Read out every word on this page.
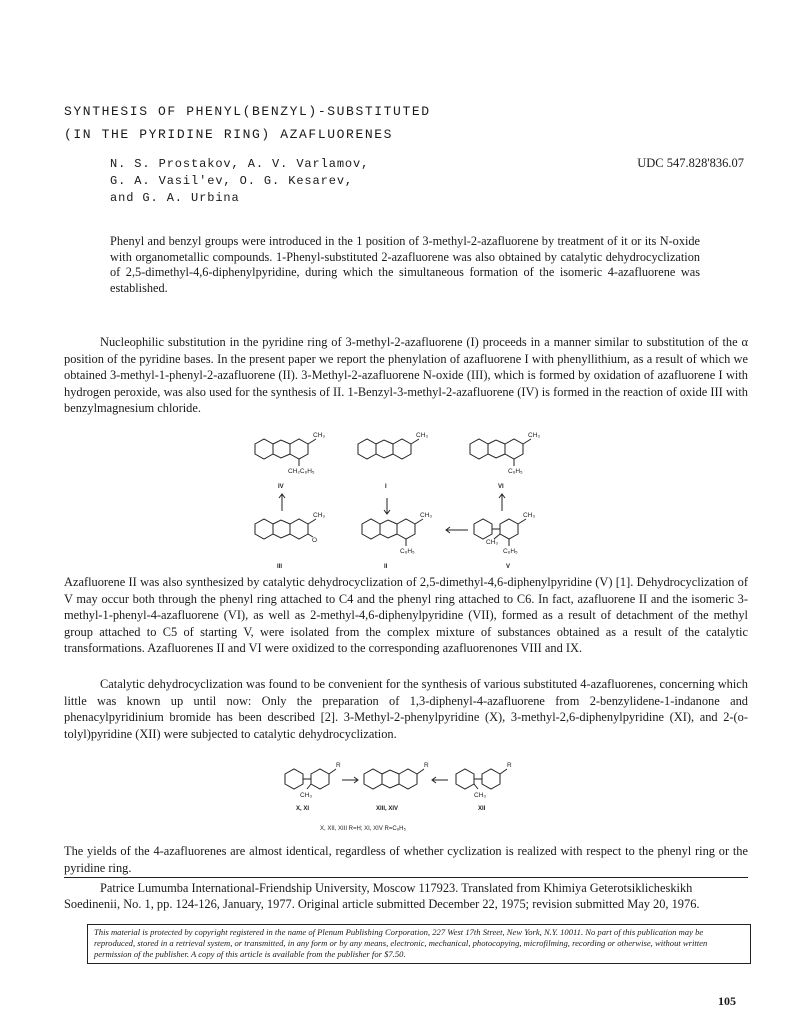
SYNTHESIS OF PHENYL(BENZYL)-SUBSTITUTED
(IN THE PYRIDINE RING) AZAFLUORENES
N. S. Prostakov, A. V. Varlamov,
G. A. Vasil'ev, O. G. Kesarev,
and G. A. Urbina
UDC 547.828'836.07
Phenyl and benzyl groups were introduced in the 1 position of 3-methyl-2-azafluorene by treatment of it or its N-oxide with organometallic compounds. 1-Phenyl-substituted 2-azafluorene was also obtained by catalytic dehydrocyclization of 2,5-dimethyl-4,6-diphenylpyridine, during which the simultaneous formation of the isomeric 4-azafluorene was established.
Nucleophilic substitution in the pyridine ring of 3-methyl-2-azafluorene (I) proceeds in a manner similar to substitution of the α position of the pyridine bases. In the present paper we report the phenylation of azafluorene I with phenyllithium, as a result of which we obtained 3-methyl-1-phenyl-2-azafluorene (II). 3-Methyl-2-azafluorene N-oxide (III), which is formed by oxidation of azafluorene I with hydrogen peroxide, was also used for the synthesis of II. 1-Benzyl-3-methyl-2-azafluorene (IV) is formed in the reaction of oxide III with benzylmagnesium chloride.
CH₃
CH₂C₆H₅
CH₃	CH₃
C₆H₅
CH₃
O
CH₃
C₆H₅
CH₃
CH₃
C₆H₅
IV	I	VI
III	II	V
Azafluorene II was also synthesized by catalytic dehydrocyclization of 2,5-dimethyl-4,6-diphenylpyridine (V) [1]. Dehydrocyclization of V may occur both through the phenyl ring attached to C4 and the phenyl ring attached to C6. In fact, azafluorene II and the isomeric 3-methyl-1-phenyl-4-azafluorene (VI), as well as 2-methyl-4,6-diphenylpyridine (VII), formed as a result of detachment of the methyl group attached to C5 of starting V, were isolated from the complex mixture of substances obtained as a result of the catalytic transformations. Azafluorenes II and VI were oxidized to the corresponding azafluorenones VIII and IX.
Catalytic dehydrocyclization was found to be convenient for the synthesis of various substituted 4-azafluorenes, concerning which little was known up until now: Only the preparation of 1,3-diphenyl-4-azafluorene from 2-benzylidene-1-indanone and phenacylpyridinium bromide has been described [2]. 3-Methyl-2-phenylpyridine (X), 3-methyl-2,6-diphenylpyridine (XI), and 2-(o-tolyl)pyridine (XII) were subjected to catalytic dehydrocyclization.
R
CH₃
R	R
CH₃
X, XI	XIII, XIV	XII
X, XII, XIII R=H; XI, XIV R=C₆H₅
The yields of the 4-azafluorenes are almost identical, regardless of whether cyclization is realized with respect to the phenyl ring or the pyridine ring.
Patrice Lumumba International-Friendship University, Moscow 117923. Translated from Khimiya Geterotsiklicheskikh Soedinenii, No. 1, pp. 124-126, January, 1977. Original article submitted December 22, 1975; revision submitted May 20, 1976.
This material is protected by copyright registered in the name of Plenum Publishing Corporation, 227 West 17th Street, New York, N.Y. 10011. No part of this publication may be reproduced, stored in a retrieval system, or transmitted, in any form or by any means, electronic, mechanical, photocopying, microfilming, recording or otherwise, without written permission of the publisher. A copy of this article is available from the publisher for $7.50.
105
